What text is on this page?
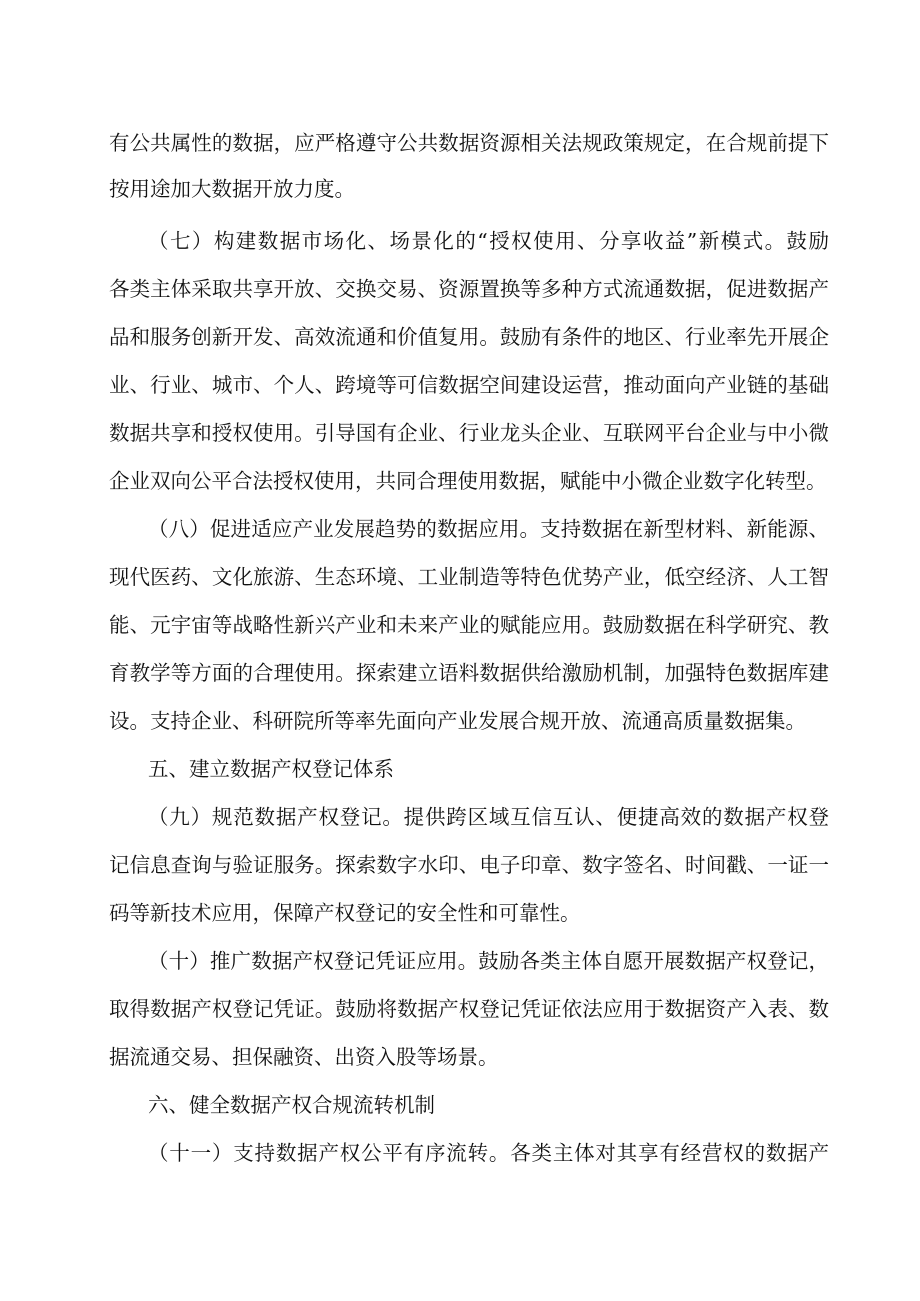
有公共属性的数据，应严格遵守公共数据资源相关法规政策规定，在合规前提下
按用途加大数据开放力度。
（七）构建数据市场化、场景化的“授权使用、分享收益”新模式。鼓励
各类主体采取共享开放、交换交易、资源置换等多种方式流通数据，促进数据产
品和服务创新开发、高效流通和价值复用。鼓励有条件的地区、行业率先开展企
业、行业、城市、个人、跨境等可信数据空间建设运营，推动面向产业链的基础
数据共享和授权使用。引导国有企业、行业龙头企业、互联网平台企业与中小微
企业双向公平合法授权使用，共同合理使用数据，赋能中小微企业数字化转型。
（八）促进适应产业发展趋势的数据应用。支持数据在新型材料、新能源、
现代医药、文化旅游、生态环境、工业制造等特色优势产业，低空经济、人工智
能、元宇宙等战略性新兴产业和未来产业的赋能应用。鼓励数据在科学研究、教
育教学等方面的合理使用。探索建立语料数据供给激励机制，加强特色数据库建
设。支持企业、科研院所等率先面向产业发展合规开放、流通高质量数据集。
五、建立数据产权登记体系
（九）规范数据产权登记。提供跨区域互信互认、便捷高效的数据产权登
记信息查询与验证服务。探索数字水印、电子印章、数字签名、时间戳、一证一
码等新技术应用，保障产权登记的安全性和可靠性。
（十）推广数据产权登记凭证应用。鼓励各类主体自愿开展数据产权登记，
取得数据产权登记凭证。鼓励将数据产权登记凭证依法应用于数据资产入表、数
据流通交易、担保融资、出资入股等场景。
六、健全数据产权合规流转机制
（十一）支持数据产权公平有序流转。各类主体对其享有经营权的数据产
